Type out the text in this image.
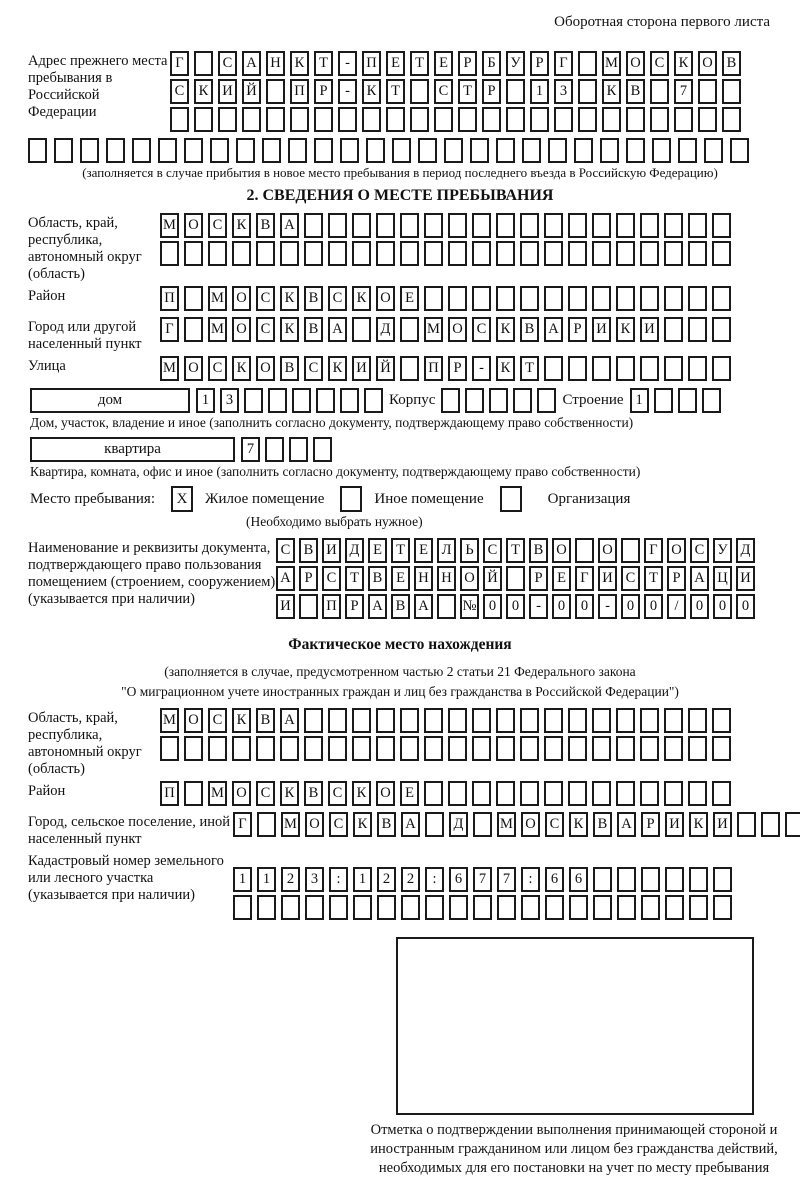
Оборотная сторона первого листа
Адрес прежнего места пребывания в Российской Федерации
Г	С А Н К	Т	-	П Е	Т	Е	Р	Б	У	Р	Г	М О С К О В
С К И Й	П	Р	-	К	Т	С	Т	Р	1	3	К В	7
(заполняется в случае прибытия в новое место пребывания в период последнего въезда в Российскую Федерацию)
2. СВЕДЕНИЯ О МЕСТЕ ПРЕБЫВАНИЯ
Область, край, республика, автономный округ (область)
М О С К В А
Район	П	М О С К В С К О Е
Город или другой населенный пункт
Г	М О С К В А	Д	М О С К В А	Р	И К И
Улица	М О С К О В С К И Й	П	Р	-	К	Т
дом	1	3	Корпус	Строение 1
Дом, участок, владение и иное (заполнить согласно документу, подтверждающему право собственности)
квартира	7
Квартира, комната, офис и иное (заполнить согласно документу, подтверждающему право собственности)
Место пребывания:	X	Жилое помещение	Иное помещение	Организация
(Необходимо выбрать нужное)
Наименование и реквизиты документа, подтверждающего право пользования помещением (строением, сооружением) (указывается при наличии)
С В И Д Е Т Е Л Ь С Т В О О	Г О С У Д
А Р С Т В Е Н Н О Й	Р	Е Г И С Т	Р А Ц И
И П Р А В А № 0	0	-	0	0	-	0	0	/	0	0	0
Фактическое место нахождения
(заполняется в случае, предусмотренном частью 2 статьи 21 Федерального закона
"О миграционном учете иностранных граждан и лиц без гражданства в Российской Федерации")
Область, край, республика, автономный округ (область)
М О С К В А
Район	П	М О С К В С К О Е
Город, сельское поселение, иной населенный пункт
Г	М О С К В А	Д	М О С К В А	Р	И К И
Кадастровый номер земельного или лесного участка (указывается при наличии)
1	1	2	3	:	1	2	2	:	6	7	7	:	6	6
Отметка о подтверждении выполнения принимающей стороной и иностранным гражданином или лицом без гражданства действий, необходимых для его постановки на учет по месту пребывания
